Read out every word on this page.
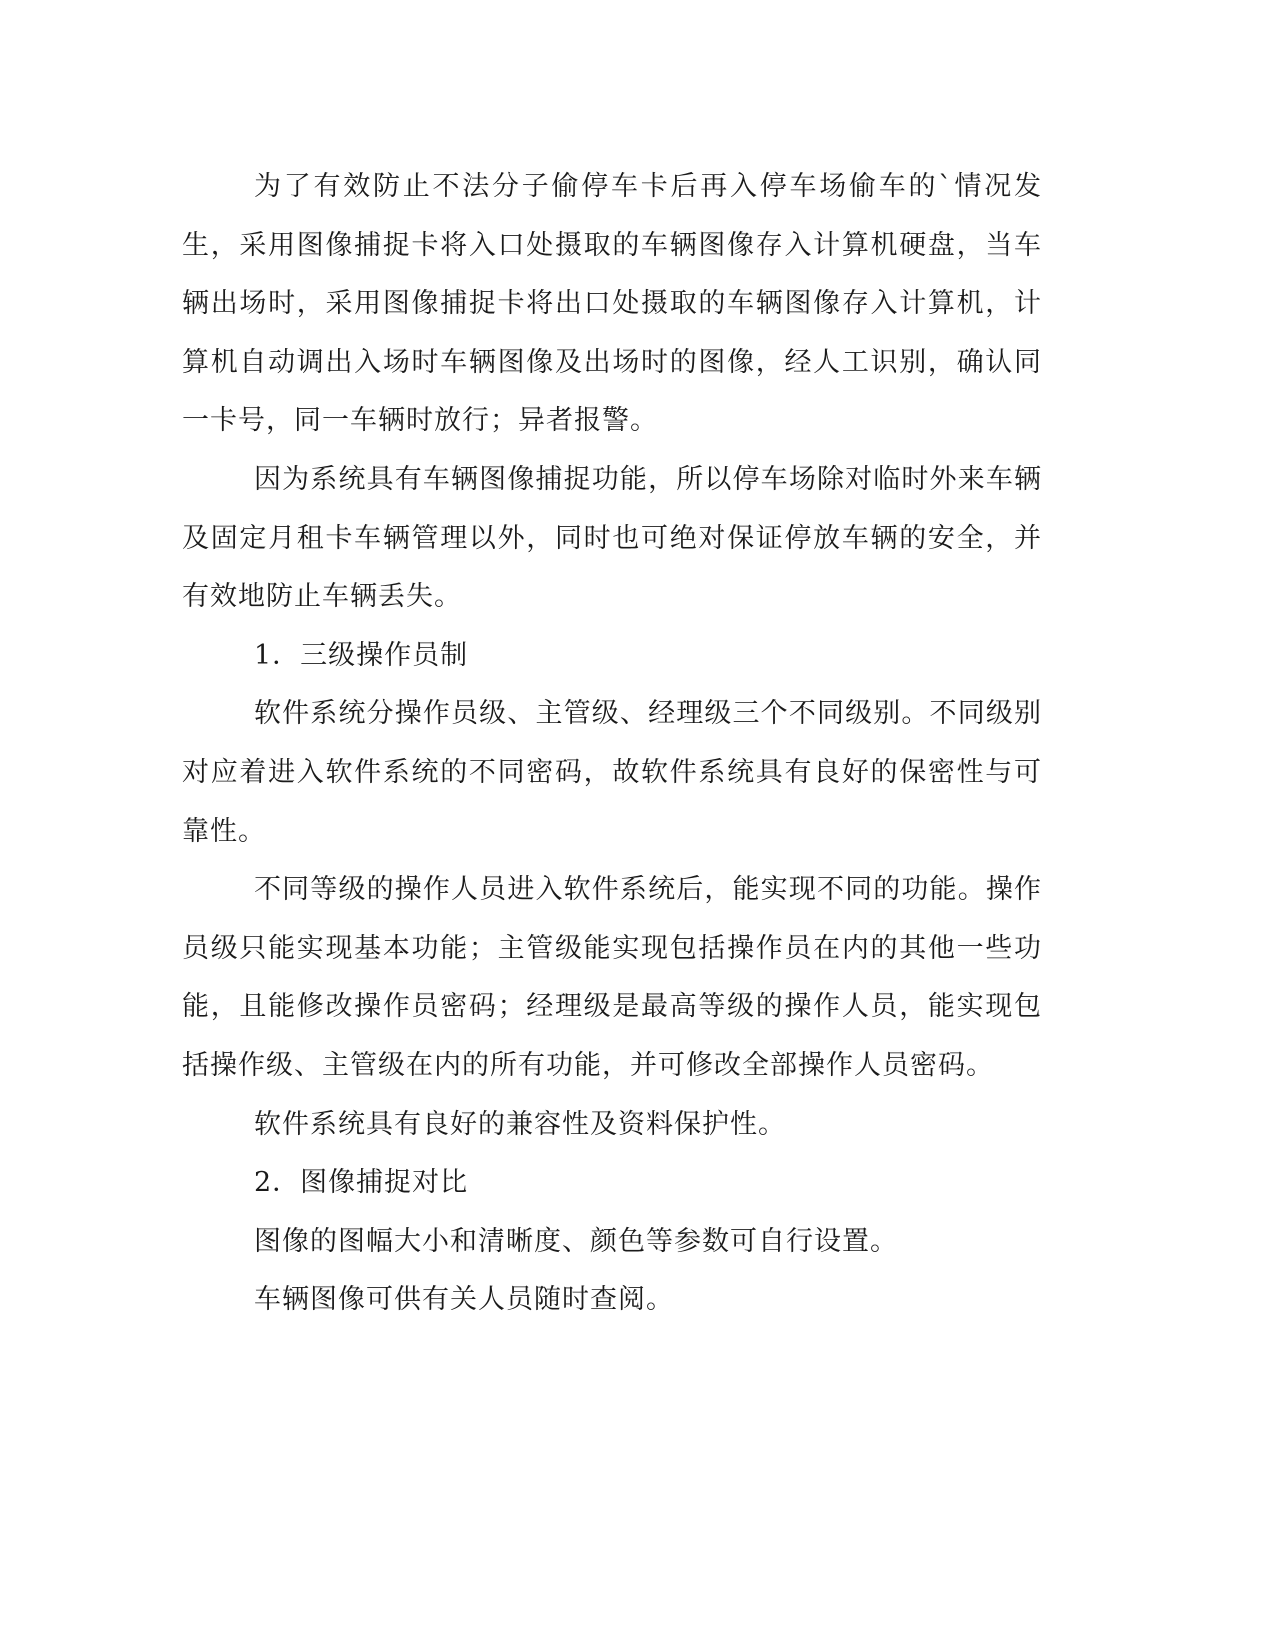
为了有效防止不法分子偷停车卡后再入停车场偷车的`情况发生，采用图像捕捉卡将入口处摄取的车辆图像存入计算机硬盘，当车辆出场时，采用图像捕捉卡将出口处摄取的车辆图像存入计算机，计算机自动调出入场时车辆图像及出场时的图像，经人工识别，确认同一卡号，同一车辆时放行；异者报警。

因为系统具有车辆图像捕捉功能，所以停车场除对临时外来车辆及固定月租卡车辆管理以外，同时也可绝对保证停放车辆的安全，并有效地防止车辆丢失。

1．三级操作员制

软件系统分操作员级、主管级、经理级三个不同级别。不同级别对应着进入软件系统的不同密码，故软件系统具有良好的保密性与可靠性。

不同等级的操作人员进入软件系统后，能实现不同的功能。操作员级只能实现基本功能；主管级能实现包括操作员在内的其他一些功能，且能修改操作员密码；经理级是最高等级的操作人员，能实现包括操作级、主管级在内的所有功能，并可修改全部操作人员密码。

软件系统具有良好的兼容性及资料保护性。

2．图像捕捉对比

图像的图幅大小和清晰度、颜色等参数可自行设置。

车辆图像可供有关人员随时查阅。
